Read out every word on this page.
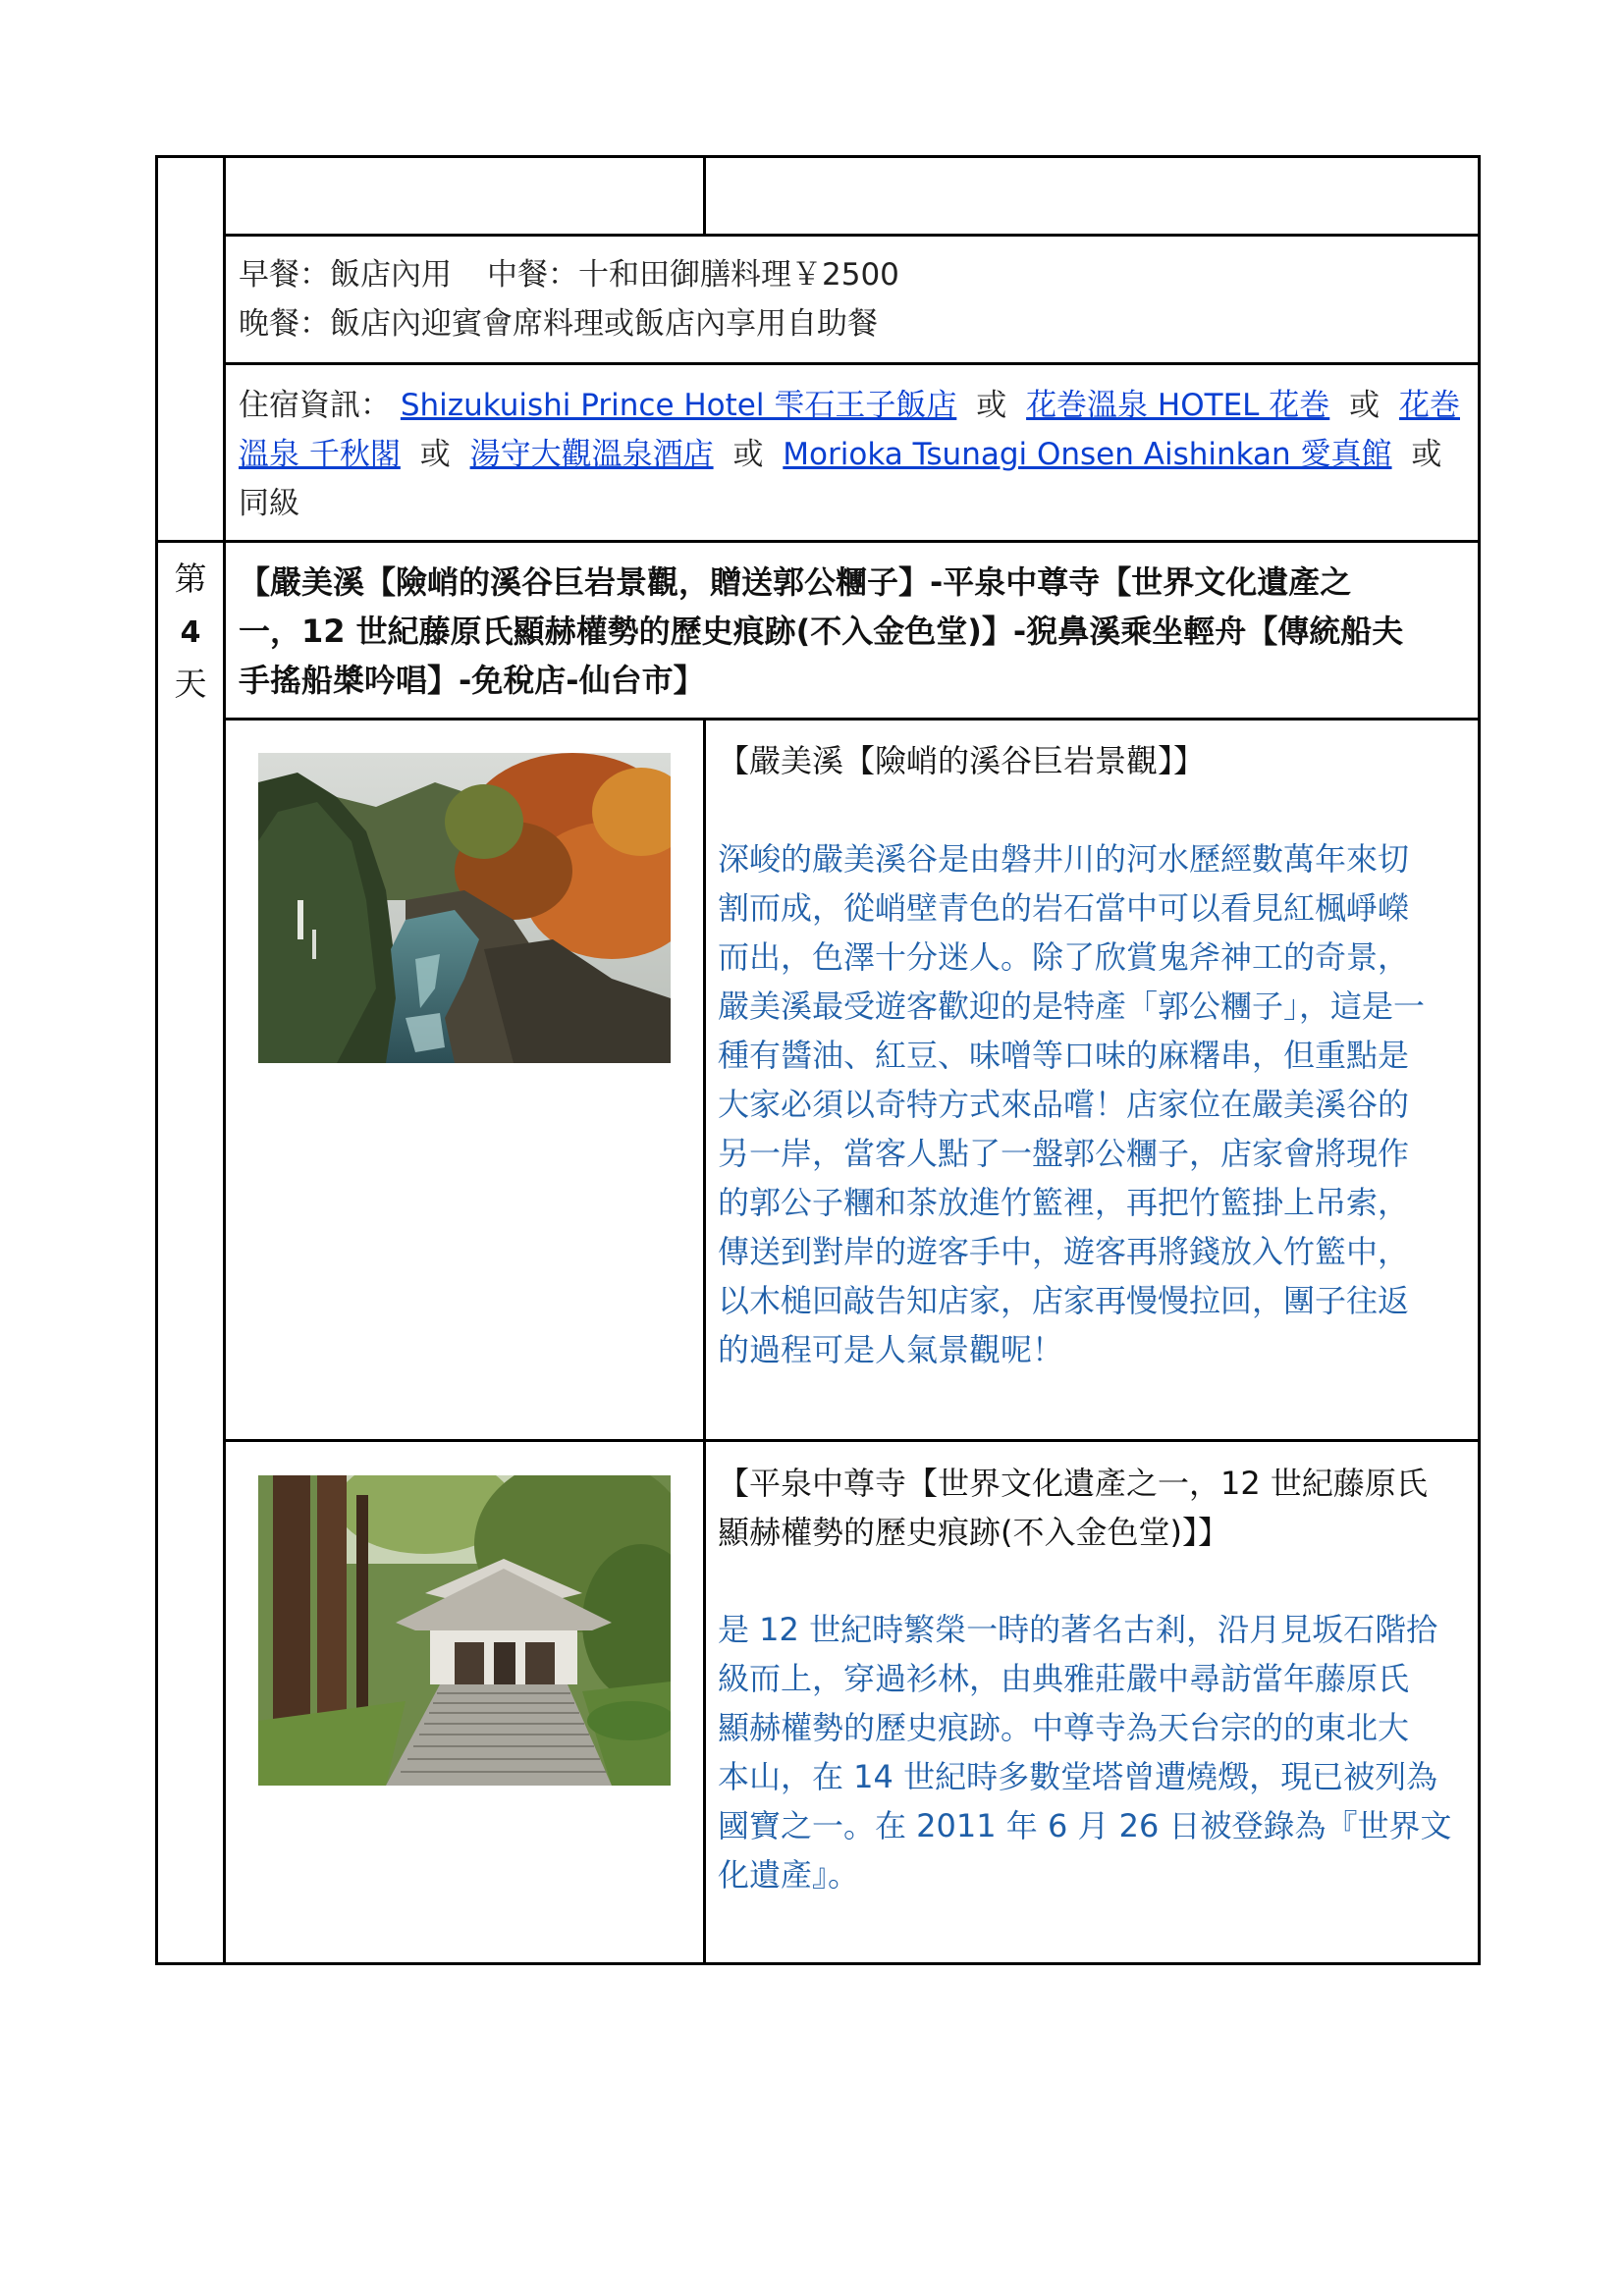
早餐：飯店內用 中餐：十和田御膳料理￥2500
晚餐：飯店內迎賓會席料理或飯店內享用自助餐
住宿資訊： Shizukuishi Prince Hotel 雫石王子飯店 或 花巻溫泉 HOTEL 花巻 或 花巻
溫泉 千秋閣 或 湯守大觀溫泉酒店 或 Morioka Tsunagi Onsen Aishinkan 愛真館 或
同級
第
4
天
【嚴美溪【險峭的溪谷巨岩景觀，贈送郭公糰子】-平泉中尊寺【世界文化遺產之
一，12 世紀藤原氏顯赫權勢的歷史痕跡(不入金色堂)】-猊鼻溪乘坐輕舟【傳統船夫
手搖船槳吟唱】-免稅店-仙台市】
【嚴美溪【險峭的溪谷巨岩景觀】】
深峻的嚴美溪谷是由磐井川的河水歷經數萬年來切
割而成，從峭壁青色的岩石當中可以看見紅楓崢嶸
而出，色澤十分迷人。除了欣賞鬼斧神工的奇景，
嚴美溪最受遊客歡迎的是特產「郭公糰子」，這是一
種有醬油、紅豆、味噌等口味的麻糬串，但重點是
大家必須以奇特方式來品嚐！店家位在嚴美溪谷的
另一岸，當客人點了一盤郭公糰子，店家會將現作
的郭公子糰和茶放進竹籃裡，再把竹籃掛上吊索，
傳送到對岸的遊客手中，遊客再將錢放入竹籃中，
以木槌回敲告知店家，店家再慢慢拉回，團子往返
的過程可是人氣景觀呢！
【平泉中尊寺【世界文化遺產之一，12 世紀藤原氏
顯赫權勢的歷史痕跡(不入金色堂)】】
是 12 世紀時繁榮一時的著名古剎，沿月見坂石階拾
級而上，穿過衫林，由典雅莊嚴中尋訪當年藤原氏
顯赫權勢的歷史痕跡。中尊寺為天台宗的的東北大
本山，在 14 世紀時多數堂塔曾遭燒燬，現已被列為
國寶之一。在 2011 年 6 月 26 日被登錄為『世界文
化遺產』。
